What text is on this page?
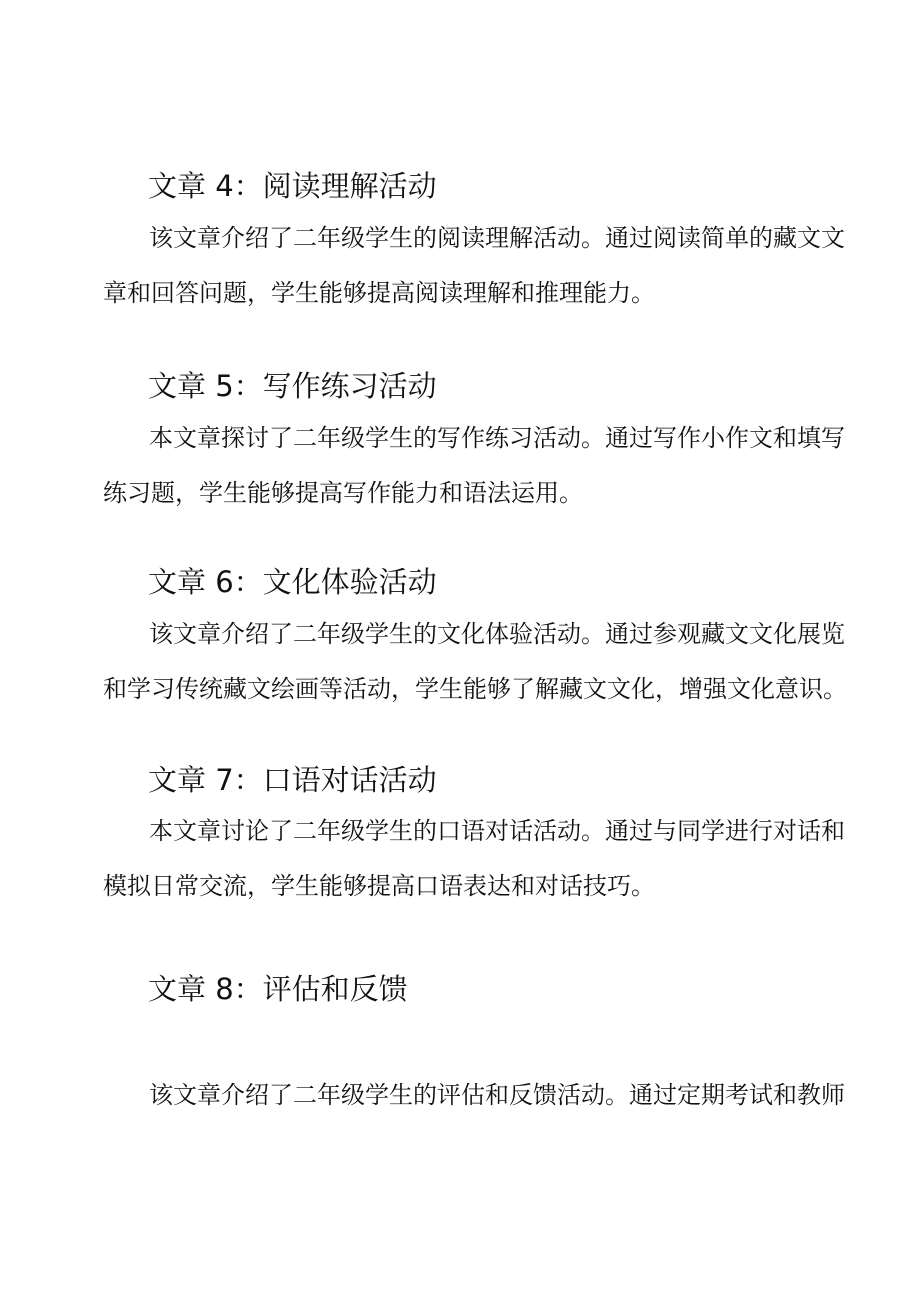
文章 4：阅读理解活动
该文章介绍了二年级学生的阅读理解活动。通过阅读简单的藏文文
章和回答问题，学生能够提高阅读理解和推理能力。
文章 5：写作练习活动
本文章探讨了二年级学生的写作练习活动。通过写作小作文和填写
练习题，学生能够提高写作能力和语法运用。
文章 6：文化体验活动
该文章介绍了二年级学生的文化体验活动。通过参观藏文文化展览
和学习传统藏文绘画等活动，学生能够了解藏文文化，增强文化意识。
文章 7：口语对话活动
本文章讨论了二年级学生的口语对话活动。通过与同学进行对话和
模拟日常交流，学生能够提高口语表达和对话技巧。
文章 8：评估和反馈
该文章介绍了二年级学生的评估和反馈活动。通过定期考试和教师
